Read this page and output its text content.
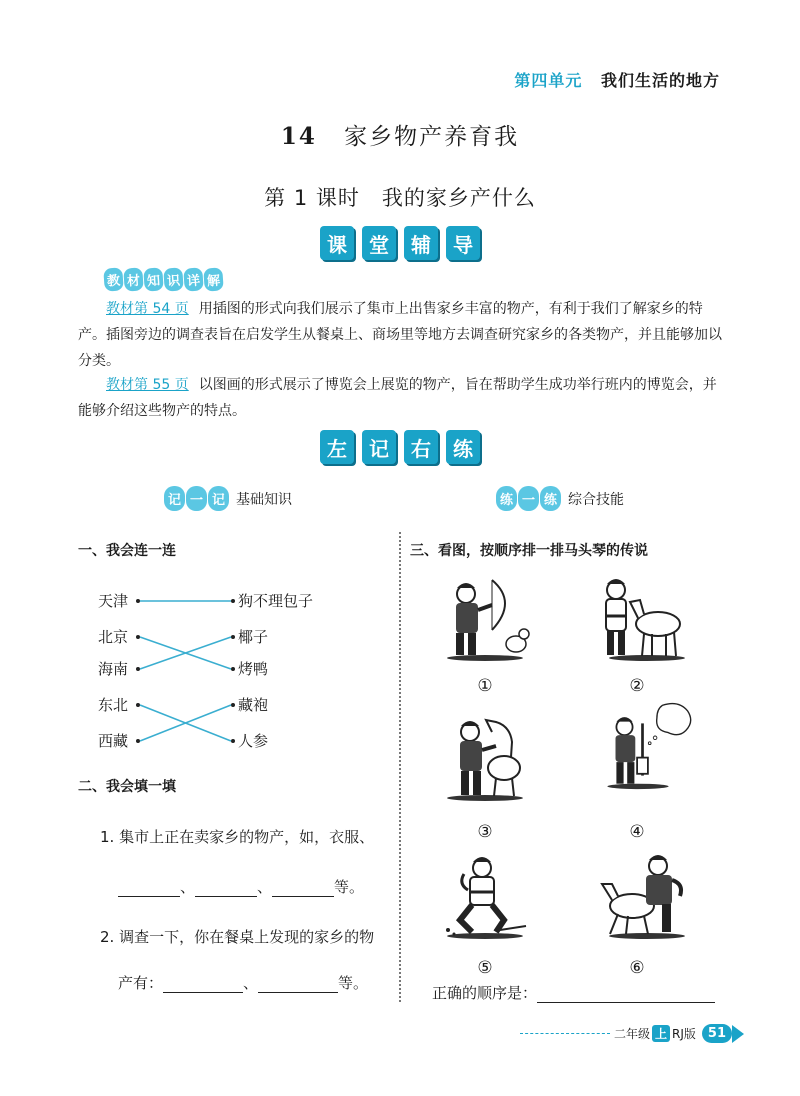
第四单元 我们生活的地方
14 家乡物产养育我
第 1 课时　我的家乡产什么
课	堂	辅	导
教 材 知 识 详 解

教材第 54 页 用插图的形式向我们展示了集市上出售家乡丰富的物产，有利于我们了解家乡的特产。插图旁边的调查表旨在启发学生从餐桌上、商场里等地方去调查研究家乡的各类物产，并且能够加以分类。

教材第 55 页 以图画的形式展示了博览会上展览的物产，旨在帮助学生成功举行班内的博览会，并能够介绍这些物产的特点。

左	记	右	练
记 一 记 基础知识	练 一 练 综合技能
一、我会连一连
天津
北京
海南
东北
西藏
狗不理包子
椰子
烤鸭
藏袍
人参
二、我会填一填
1. 集市上正在卖家乡的物产，如，衣服、
、	、	等。
2. 调查一下，你在餐桌上发现的家乡的物
产有：	、	等。
三、看图，按顺序排一排马头琴的传说
①	②
③	④
⑤	⑥
正确的顺序是：
二年级 上 RJ版 51
